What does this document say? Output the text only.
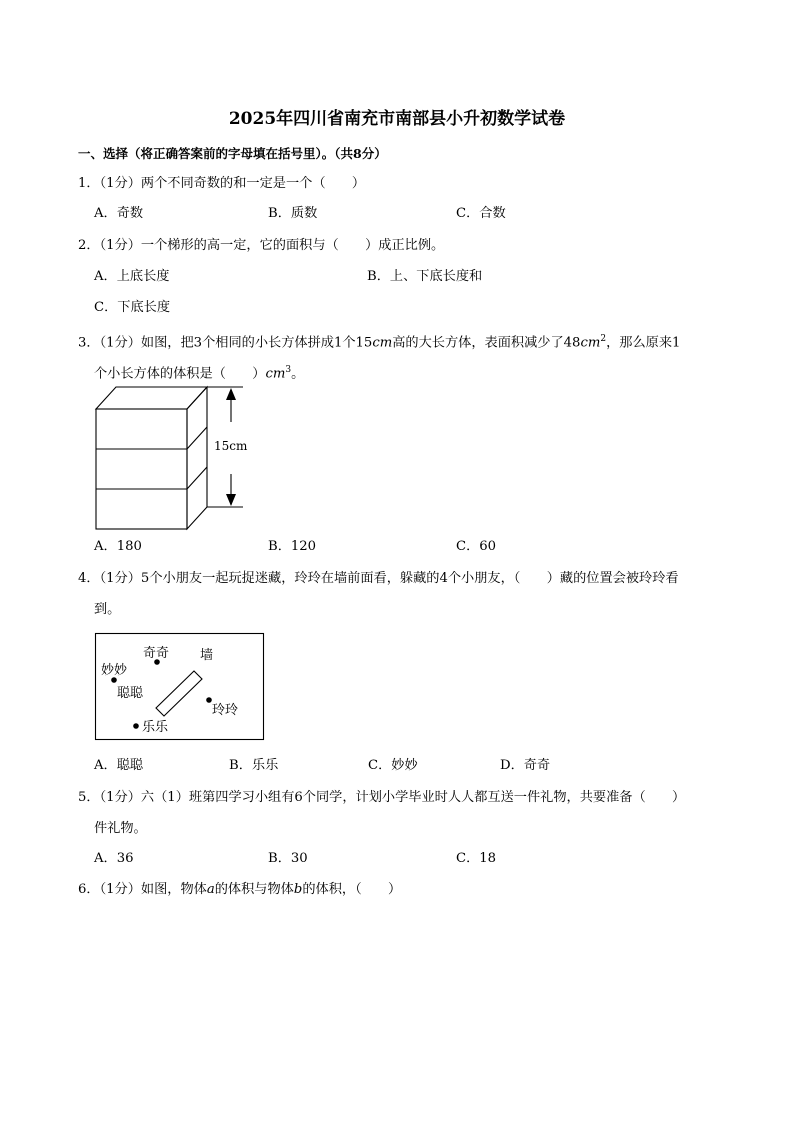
2025年四川省南充市南部县小升初数学试卷
一、选择（将正确答案前的字母填在括号里）。（共8分）
1．（1分）两个不同奇数的和一定是一个（　　）
A．奇数	B．质数	C．合数
2．（1分）一个梯形的高一定，它的面积与（　　）成正比例。
A．上底长度	B．上、下底长度和
C．下底长度
3．（1分）如图，把3个相同的小长方体拼成1个15cm高的大长方体，表面积减少了$48cm^2$，那么原来1
个小长方体的体积是（　　）$cm^3$。
15cm
A．180	B．120	C．60
4．（1分）5个小朋友一起玩捉迷藏，玲玲在墙前面看，躲藏的4个小朋友，（　　）藏的位置会被玲玲看
到。
奇奇 墙
妙妙
聪聪
玲玲
乐乐
A．聪聪	B．乐乐	C．妙妙	D．奇奇
5．（1分）六（1）班第四学习小组有6个同学，计划小学毕业时人人都互送一件礼物，共要准备（　　）
件礼物。
A．36	B．30	C．18
6．（1分）如图，物体a的体积与物体b的体积，（　　）
